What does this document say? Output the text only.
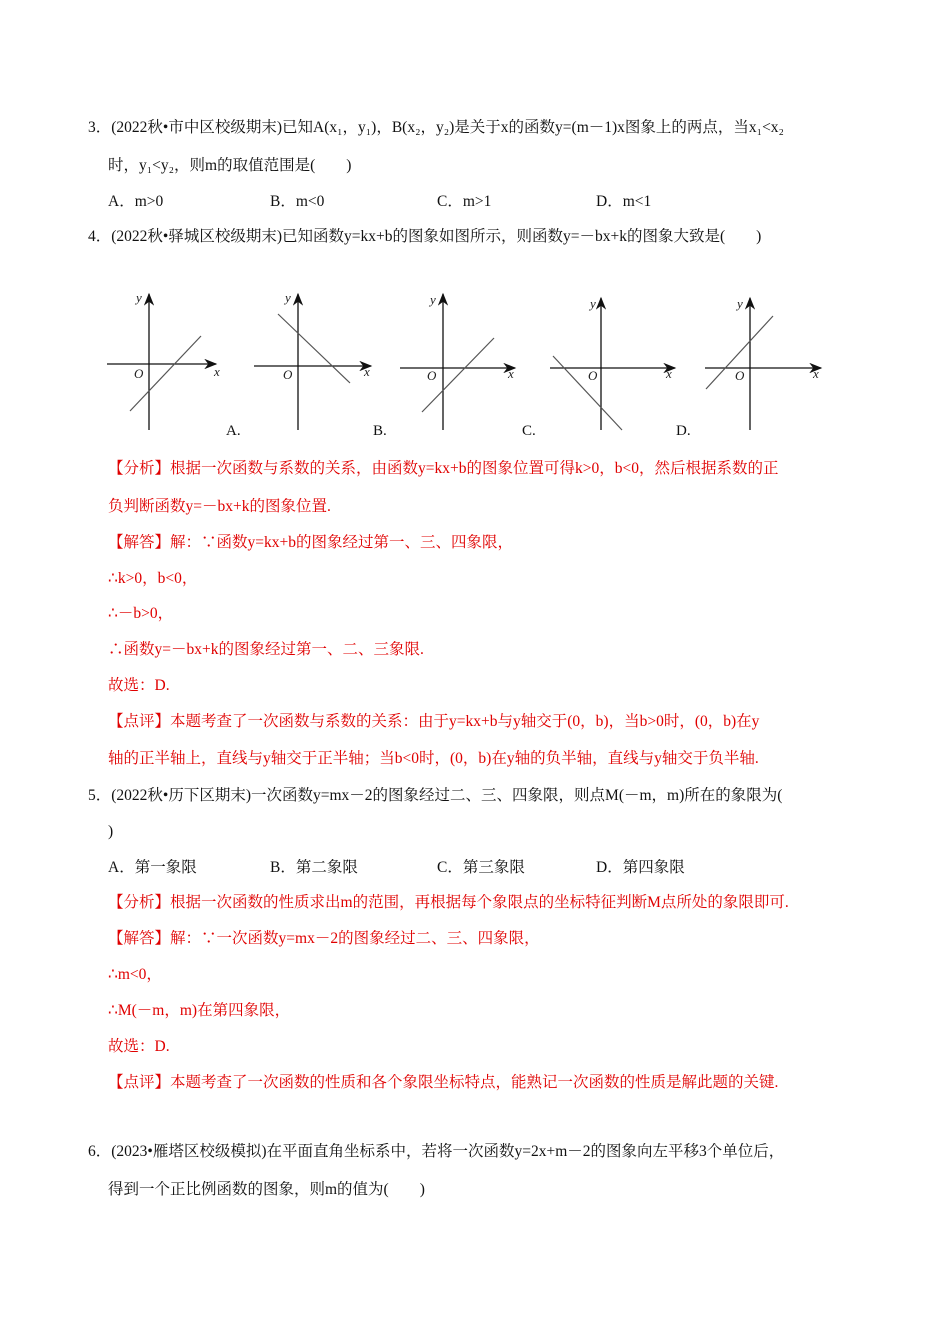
3．(2022秋•市中区校级期末)已知A(x₁，y₁)，B(x₂，y₂)是关于x的函数y=(m－1)x图象上的两点，当x₁<x₂
时，y₁<y₂，则m的取值范围是(　　)
A．m>0	B．m<0	C．m>1	D．m<1
4．(2022秋•驿城区校级期末)已知函数y=kx+b的图象如图所示，则函数y=－bx+k的图象大致是(　　)
O	x
y
O	x
y
O	x
y
O	x
y
O	x
y
A.	B.	C.	D.
【分析】根据一次函数与系数的关系，由函数y=kx+b的图象位置可得k>0，b<0，然后根据系数的正
负判断函数y=－bx+k的图象位置.
【解答】解：∵函数y=kx+b的图象经过第一、三、四象限，
∴k>0，b<0，
∴－b>0，
∴函数y=－bx+k的图象经过第一、二、三象限.
故选：D.
【点评】本题考查了一次函数与系数的关系：由于y=kx+b与y轴交于(0，b)，当b>0时，(0，b)在y
轴的正半轴上，直线与y轴交于正半轴；当b<0时，(0，b)在y轴的负半轴，直线与y轴交于负半轴.
5．(2022秋•历下区期末)一次函数y=mx－2的图象经过二、三、四象限，则点M(－m，m)所在的象限为(
)
A．第一象限	B．第二象限	C．第三象限	D．第四象限
【分析】根据一次函数的性质求出m的范围，再根据每个象限点的坐标特征判断M点所处的象限即可.
【解答】解：∵一次函数y=mx－2的图象经过二、三、四象限，
∴m<0，
∴M(－m，m)在第四象限，
故选：D.
【点评】本题考查了一次函数的性质和各个象限坐标特点，能熟记一次函数的性质是解此题的关键.
6．(2023•雁塔区校级模拟)在平面直角坐标系中，若将一次函数y=2x+m－2的图象向左平移3个单位后，
得到一个正比例函数的图象，则m的值为(　　)
